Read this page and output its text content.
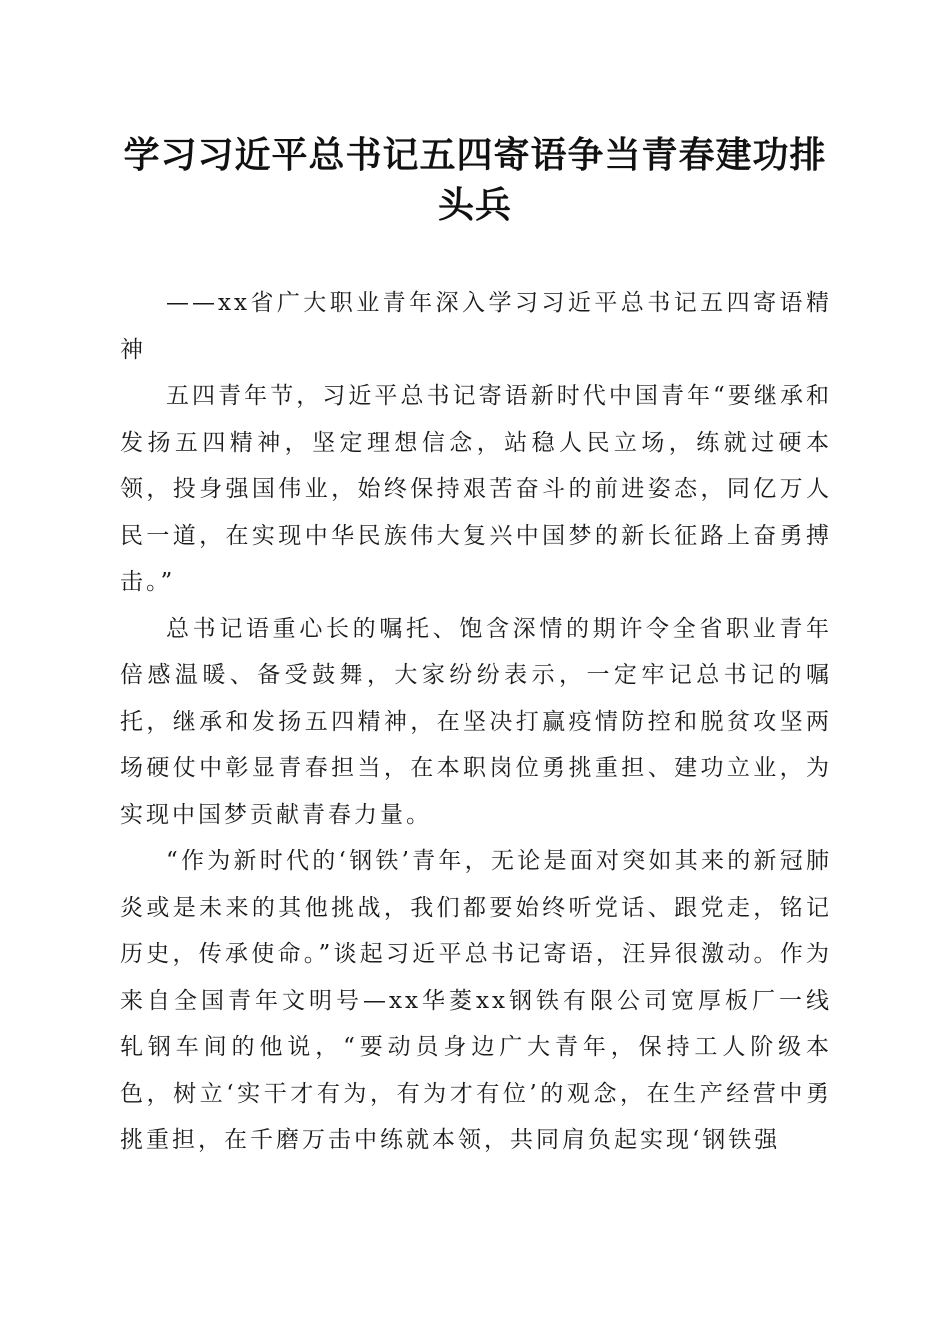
学习习近平总书记五四寄语争当青春建功排头兵

——xx省广大职业青年深入学习习近平总书记五四寄语精神

五四青年节，习近平总书记寄语新时代中国青年“要继承和发扬五四精神，坚定理想信念，站稳人民立场，练就过硬本领，投身强国伟业，始终保持艰苦奋斗的前进姿态，同亿万人民一道，在实现中华民族伟大复兴中国梦的新长征路上奋勇搏击。”

总书记语重心长的嘱托、饱含深情的期许令全省职业青年倍感温暖、备受鼓舞，大家纷纷表示，一定牢记总书记的嘱托，继承和发扬五四精神，在坚决打赢疫情防控和脱贫攻坚两场硬仗中彰显青春担当，在本职岗位勇挑重担、建功立业，为实现中国梦贡献青春力量。

“作为新时代的‘钢铁’青年，无论是面对突如其来的新冠肺炎或是未来的其他挑战，我们都要始终听党话、跟党走，铭记历史，传承使命。”谈起习近平总书记寄语，汪异很激动。作为来自全国青年文明号—xx华菱xx钢铁有限公司宽厚板厂一线轧钢车间的他说，“要动员身边广大青年，保持工人阶级本色，树立‘实干才有为，有为才有位’的观念，在生产经营中勇挑重担，在千磨万击中练就本领，共同肩负起实现‘钢铁强
